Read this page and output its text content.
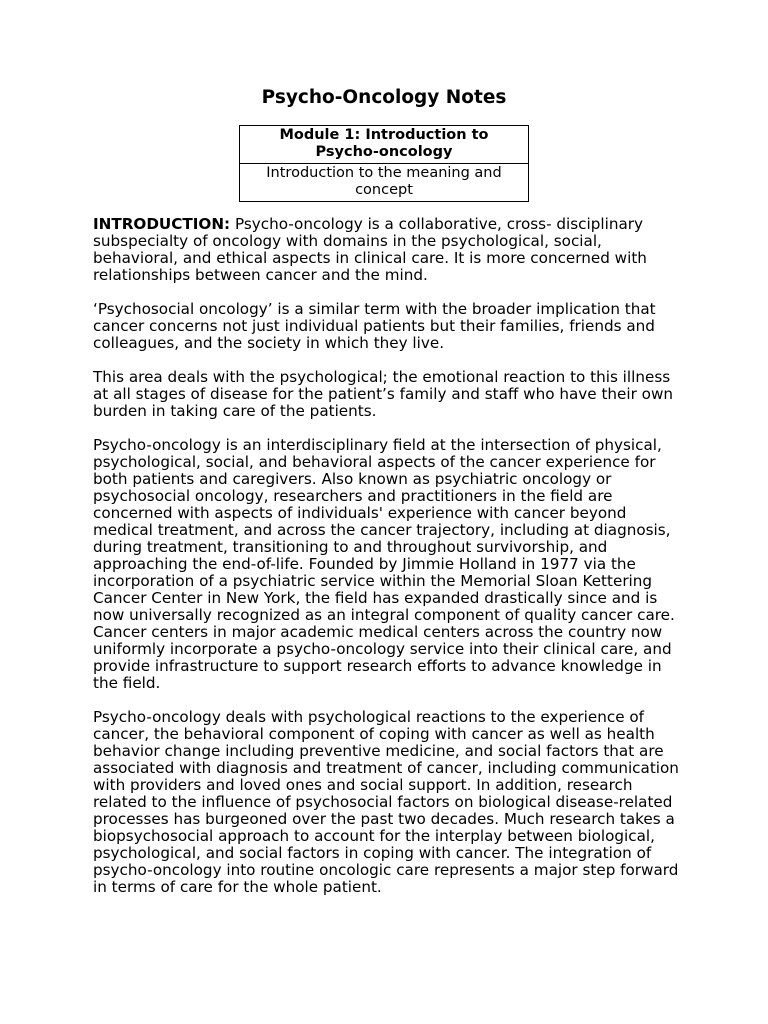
Psycho-Oncology Notes
Module 1: Introduction to Psycho-oncology
Introduction to the meaning and concept

INTRODUCTION: Psycho-oncology is a collaborative, cross- disciplinary subspecialty of oncology with domains in the psychological, social, behavioral, and ethical aspects in clinical care. It is more concerned with relationships between cancer and the mind.

‘Psychosocial oncology’ is a similar term with the broader implication that cancer concerns not just individual patients but their families, friends and colleagues, and the society in which they live.

This area deals with the psychological; the emotional reaction to this illness at all stages of disease for the patient’s family and staff who have their own burden in taking care of the patients.

Psycho-oncology is an interdisciplinary field at the intersection of physical, psychological, social, and behavioral aspects of the cancer experience for both patients and caregivers. Also known as psychiatric oncology or psychosocial oncology, researchers and practitioners in the field are concerned with aspects of individuals' experience with cancer beyond medical treatment, and across the cancer trajectory, including at diagnosis, during treatment, transitioning to and throughout survivorship, and approaching the end-of-life. Founded by Jimmie Holland in 1977 via the incorporation of a psychiatric service within the Memorial Sloan Kettering Cancer Center in New York, the field has expanded drastically since and is now universally recognized as an integral component of quality cancer care. Cancer centers in major academic medical centers across the country now uniformly incorporate a psycho-oncology service into their clinical care, and provide infrastructure to support research efforts to advance knowledge in the field.

Psycho-oncology deals with psychological reactions to the experience of cancer, the behavioral component of coping with cancer as well as health behavior change including preventive medicine, and social factors that are associated with diagnosis and treatment of cancer, including communication with providers and loved ones and social support. In addition, research related to the influence of psychosocial factors on biological disease-related processes has burgeoned over the past two decades. Much research takes a biopsychosocial approach to account for the interplay between biological, psychological, and social factors in coping with cancer. The integration of psycho-oncology into routine oncologic care represents a major step forward in terms of care for the whole patient.
